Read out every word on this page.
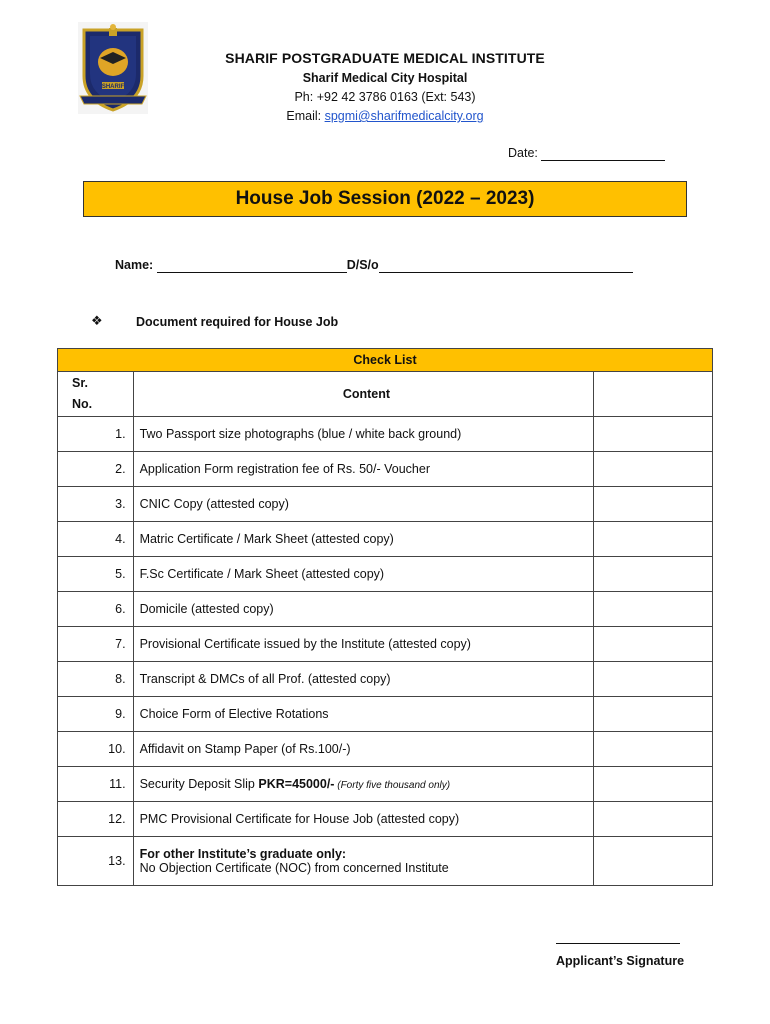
SHARIF
SHARIF POSTGRADUATE MEDICAL INSTITUTE
Sharif Medical City Hospital
Ph: +92 42 3786 0163 (Ext: 543)
Email: spgmi@sharifmedicalcity.org
Date:
House Job Session (2022 – 2023)
Name:	D/S/o
❖	Document required for House Job
Check List		
Sr.
No.	Content	
1.	Two Passport size photographs (blue / white back ground)	
2.	Application Form registration fee of Rs. 50/- Voucher	
3.	CNIC Copy (attested copy)	
4.	Matric Certificate / Mark Sheet (attested copy)	
5.	F.Sc Certificate / Mark Sheet (attested copy)	
6.	Domicile (attested copy)	
7.	Provisional Certificate issued by the Institute (attested copy)	
8.	Transcript & DMCs of all Prof. (attested copy)	
9.	Choice Form of Elective Rotations	
10.	Affidavit on Stamp Paper (of Rs.100/-)	
11.	Security Deposit Slip PKR=45000/- (Forty five thousand only)	
12.	PMC Provisional Certificate for House Job (attested copy)	
13.	For other Institute’s graduate only:
No Objection Certificate (NOC) from concerned Institute	
Applicant’s Signature
